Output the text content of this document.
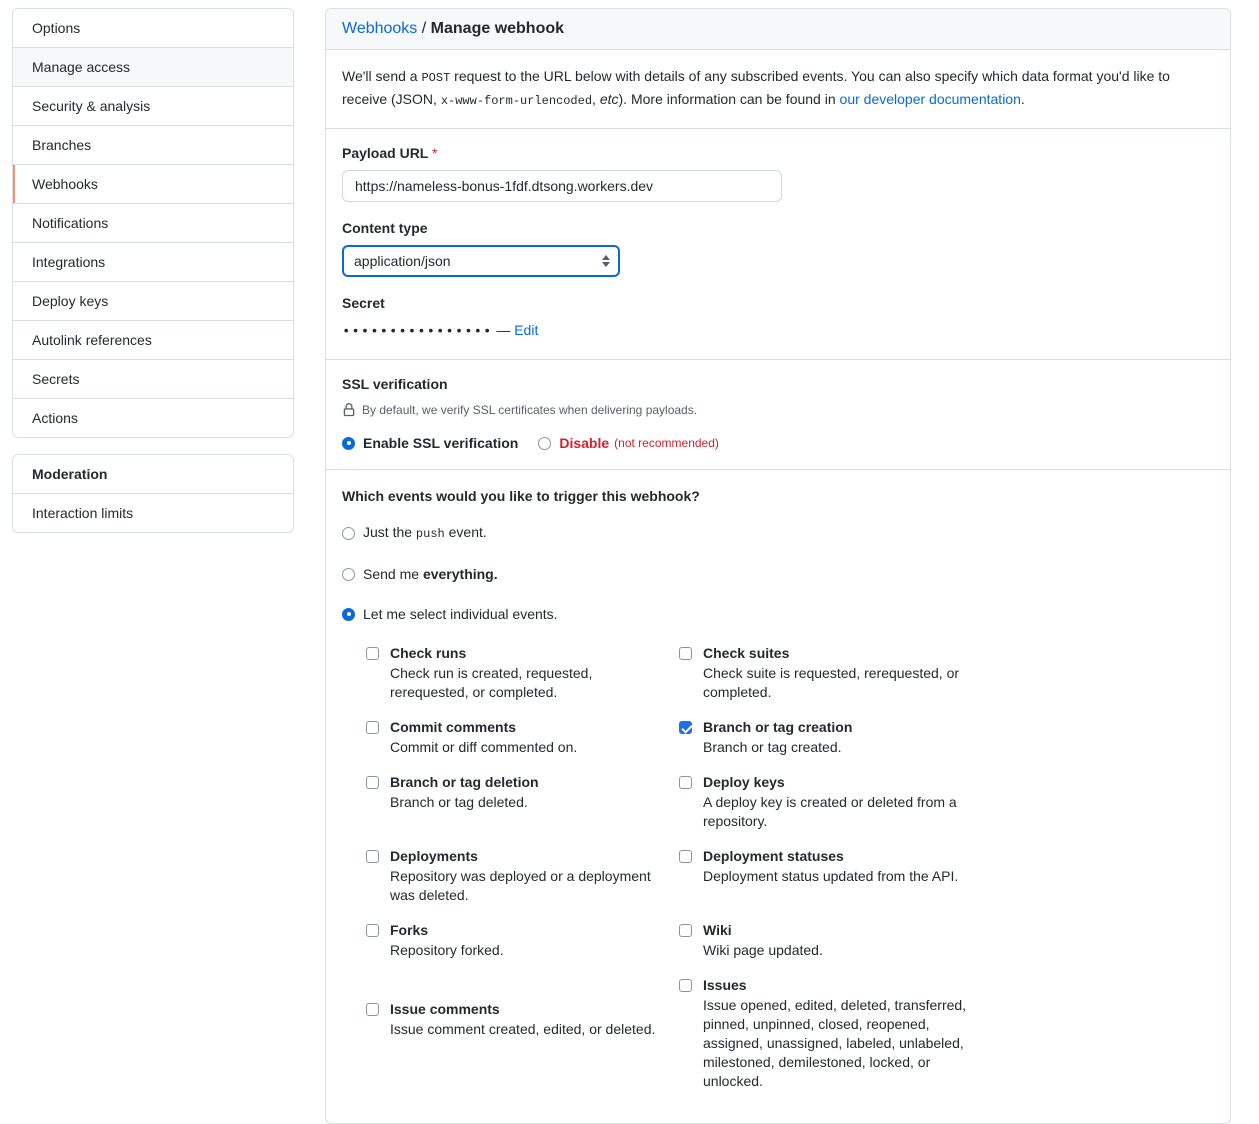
Options
Manage access
Security & analysis
Branches
Webhooks
Notifications
Integrations
Deploy keys
Autolink references
Secrets
Actions
Moderation
Interaction limits
Webhooks / Manage webhook

We'll send a POST request to the URL below with details of any subscribed events. You can also specify which data format you'd like to receive (JSON, x-www-form-urlencoded, etc). More information can be found in our developer documentation.

Payload URL *
https://nameless-bonus-1fdf.dtsong.workers.dev
Content type
application/json
Secret
•••••••••••••••• — Edit
SSL verification
By default, we verify SSL certificates when delivering payloads.
Enable SSL verification	Disable (not recommended)

Which events would you like to trigger this webhook?

Just the push event.
Send me everything.
Let me select individual events.
Check runs
Check run is created, requested, rerequested, or completed.
Check suites
Check suite is requested, rerequested, or completed.
Commit comments
Commit or diff commented on.
Branch or tag creation
Branch or tag created.
Branch or tag deletion
Branch or tag deleted.
Deploy keys
A deploy key is created or deleted from a repository.
Deployments
Repository was deployed or a deployment was deleted.
Deployment statuses
Deployment status updated from the API.
Forks
Repository forked.
Wiki
Wiki page updated.
Issue comments
Issue comment created, edited, or deleted.
Issues
Issue opened, edited, deleted, transferred, pinned, unpinned, closed, reopened, assigned, unassigned, labeled, unlabeled, milestoned, demilestoned, locked, or unlocked.
